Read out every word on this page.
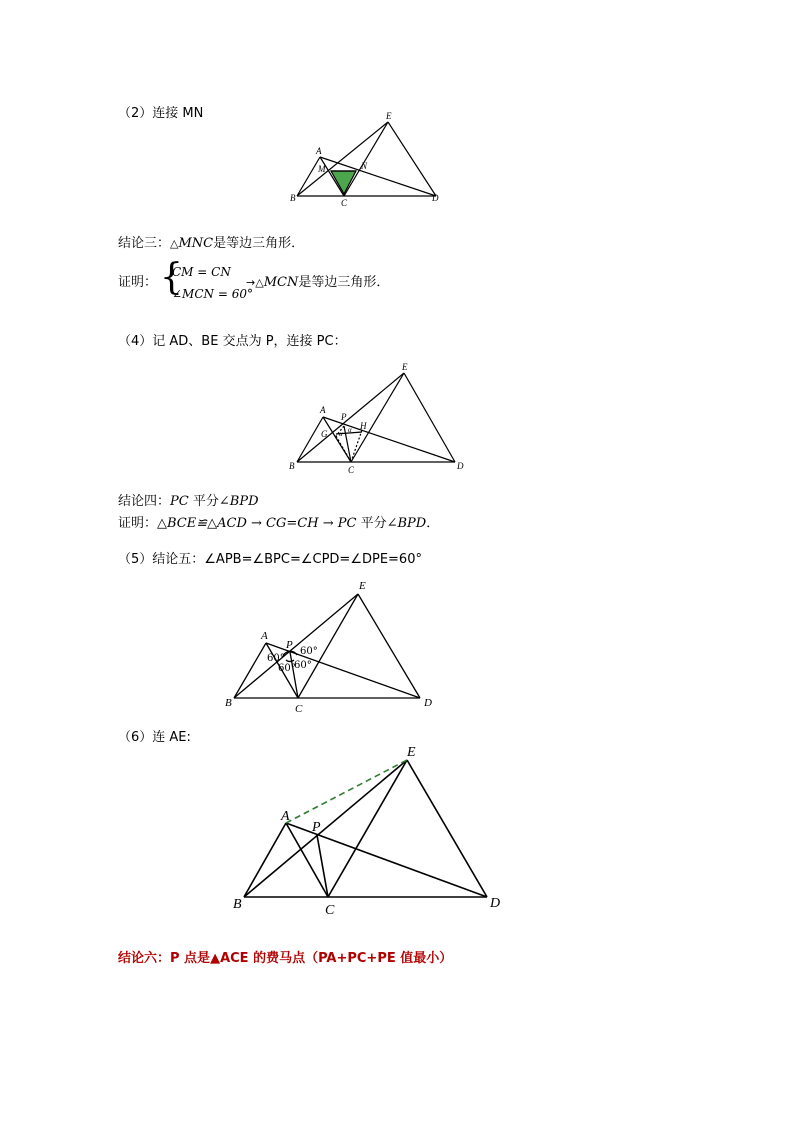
（2）连接 MN
A
B	C	D
E
M	N
结论三：△MNC是等边三角形．
证明： {
CM = CN
∠MCN = 60°
→△MCN是等边三角形．
（4）记 AD、BE 交点为 P，连接 PC：
A
B	C	D
E
P
G
H
α α
结论四：PC 平分∠BPD
证明：△BCE≌△ACD → CG=CH → PC 平分∠BPD．
（5）结论五：∠APB=∠BPC=∠CPD=∠DPE=60°
A
B	C	D
E
P
60°
60°
60°
60°
（6）连 AE:
A
B	C	D
E
P
结论六：P 点是▲ACE 的费马点（PA+PC+PE 值最小）
